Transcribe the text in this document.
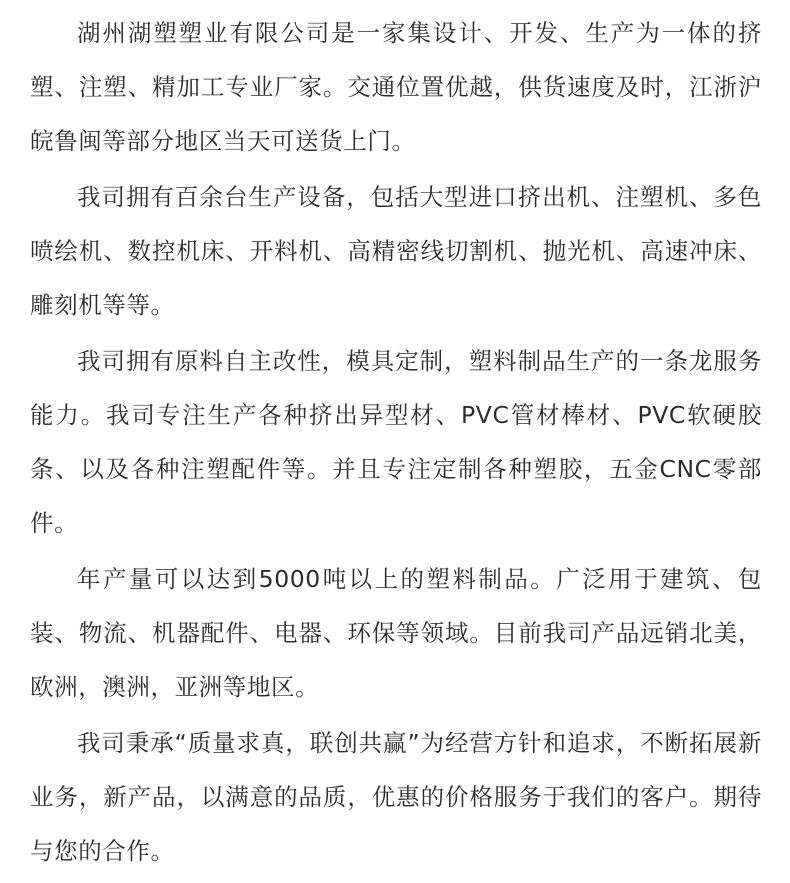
湖州湖塑塑业有限公司是一家集设计、开发、生产为一体的挤塑、注塑、精加工专业厂家。交通位置优越，供货速度及时，江浙沪皖鲁闽等部分地区当天可送货上门。

我司拥有百余台生产设备，包括大型进口挤出机、注塑机、多色喷绘机、数控机床、开料机、高精密线切割机、抛光机、高速冲床、雕刻机等等。

我司拥有原料自主改性，模具定制，塑料制品生产的一条龙服务能力。我司专注生产各种挤出异型材、PVC管材棒材、PVC软硬胶条、以及各种注塑配件等。并且专注定制各种塑胶，五金CNC零部件。

年产量可以达到5000吨以上的塑料制品。广泛用于建筑、包装、物流、机器配件、电器、环保等领域。目前我司产品远销北美，欧洲，澳洲，亚洲等地区。

我司秉承“质量求真，联创共赢”为经营方针和追求，不断拓展新业务，新产品，以满意的品质，优惠的价格服务于我们的客户。期待与您的合作。
